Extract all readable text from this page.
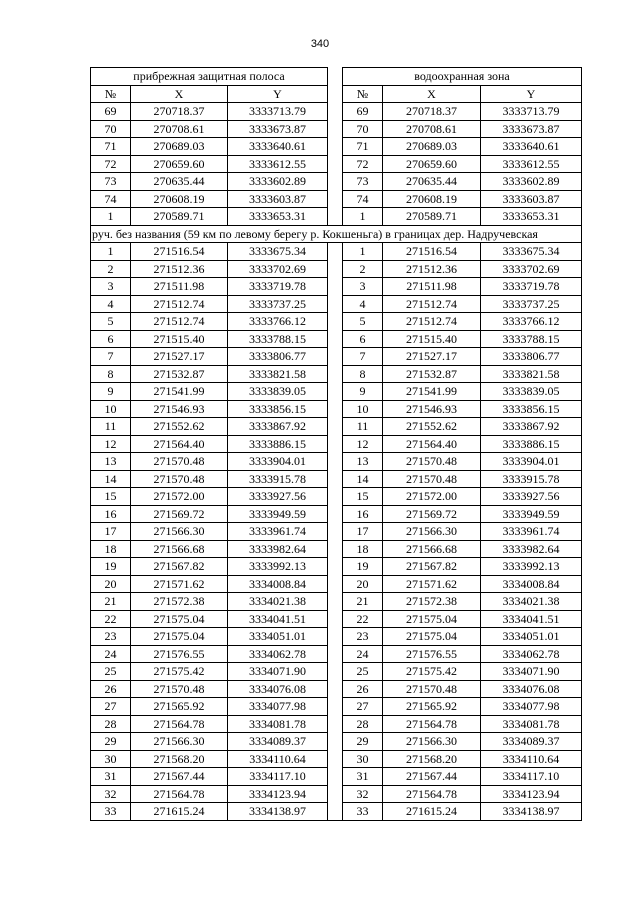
340
прибрежная защитная полоса				водоохранная зона		
№	X	Y		№	X	Y
69	270718.37	3333713.79		69	270718.37	3333713.79
70	270708.61	3333673.87		70	270708.61	3333673.87
71	270689.03	3333640.61		71	270689.03	3333640.61
72	270659.60	3333612.55		72	270659.60	3333612.55
73	270635.44	3333602.89		73	270635.44	3333602.89
74	270608.19	3333603.87		74	270608.19	3333603.87
1	270589.71	3333653.31		1	270589.71	3333653.31
руч. без названия (59 км по левому берегу р. Кокшеньга) в границах дер. Надручевская						
1	271516.54	3333675.34		1	271516.54	3333675.34
2	271512.36	3333702.69		2	271512.36	3333702.69
3	271511.98	3333719.78		3	271511.98	3333719.78
4	271512.74	3333737.25		4	271512.74	3333737.25
5	271512.74	3333766.12		5	271512.74	3333766.12
6	271515.40	3333788.15		6	271515.40	3333788.15
7	271527.17	3333806.77		7	271527.17	3333806.77
8	271532.87	3333821.58		8	271532.87	3333821.58
9	271541.99	3333839.05		9	271541.99	3333839.05
10	271546.93	3333856.15		10	271546.93	3333856.15
11	271552.62	3333867.92		11	271552.62	3333867.92
12	271564.40	3333886.15		12	271564.40	3333886.15
13	271570.48	3333904.01		13	271570.48	3333904.01
14	271570.48	3333915.78		14	271570.48	3333915.78
15	271572.00	3333927.56		15	271572.00	3333927.56
16	271569.72	3333949.59		16	271569.72	3333949.59
17	271566.30	3333961.74		17	271566.30	3333961.74
18	271566.68	3333982.64		18	271566.68	3333982.64
19	271567.82	3333992.13		19	271567.82	3333992.13
20	271571.62	3334008.84		20	271571.62	3334008.84
21	271572.38	3334021.38		21	271572.38	3334021.38
22	271575.04	3334041.51		22	271575.04	3334041.51
23	271575.04	3334051.01		23	271575.04	3334051.01
24	271576.55	3334062.78		24	271576.55	3334062.78
25	271575.42	3334071.90		25	271575.42	3334071.90
26	271570.48	3334076.08		26	271570.48	3334076.08
27	271565.92	3334077.98		27	271565.92	3334077.98
28	271564.78	3334081.78		28	271564.78	3334081.78
29	271566.30	3334089.37		29	271566.30	3334089.37
30	271568.20	3334110.64		30	271568.20	3334110.64
31	271567.44	3334117.10		31	271567.44	3334117.10
32	271564.78	3334123.94		32	271564.78	3334123.94
33	271615.24	3334138.97		33	271615.24	3334138.97
